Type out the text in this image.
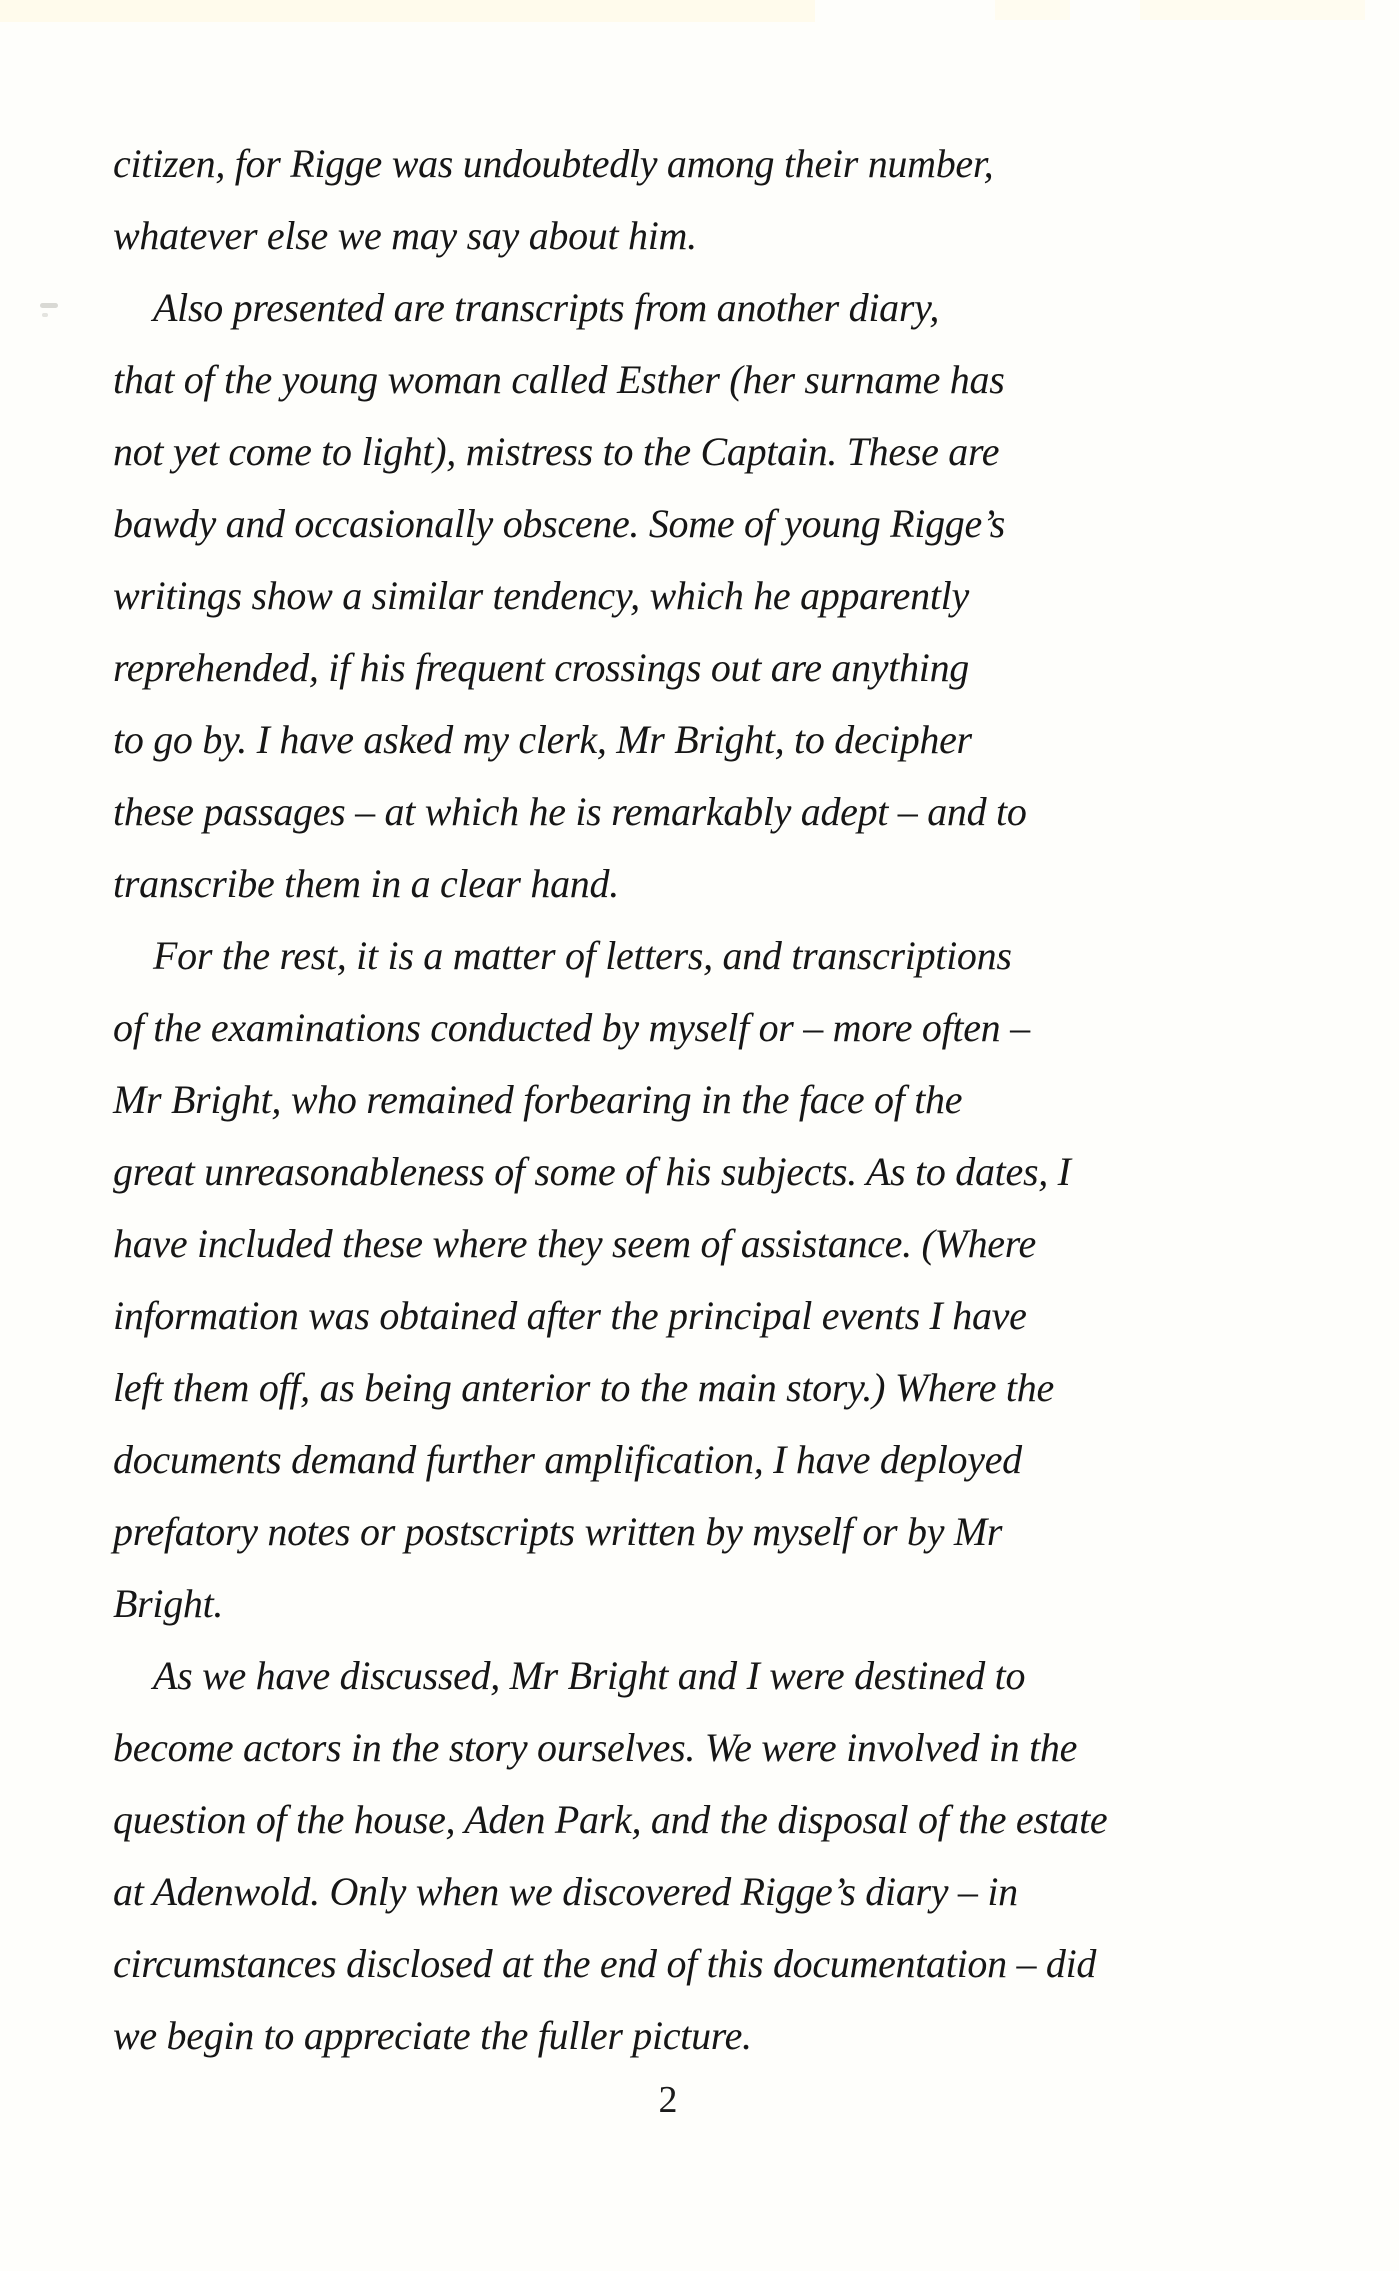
citizen, for Rigge was undoubtedly among their number,
whatever else we may say about him.
Also presented are transcripts from another diary,
that of the young woman called Esther (her surname has
not yet come to light), mistress to the Captain. These are
bawdy and occasionally obscene. Some of young Rigge’s
writings show a similar tendency, which he apparently
reprehended, if his frequent crossings out are anything
to go by. I have asked my clerk, Mr Bright, to decipher
these passages – at which he is remarkably adept – and to
transcribe them in a clear hand.
For the rest, it is a matter of letters, and transcriptions
of the examinations conducted by myself or – more often –
Mr Bright, who remained forbearing in the face of the
great unreasonableness of some of his subjects. As to dates, I
have included these where they seem of assistance. (Where
information was obtained after the principal events I have
left them off, as being anterior to the main story.) Where the
documents demand further amplification, I have deployed
prefatory notes or postscripts written by myself or by Mr
Bright.
As we have discussed, Mr Bright and I were destined to
become actors in the story ourselves. We were involved in the
question of the house, Aden Park, and the disposal of the estate
at Adenwold. Only when we discovered Rigge’s diary – in
circumstances disclosed at the end of this documentation – did
we begin to appreciate the fuller picture.
2
